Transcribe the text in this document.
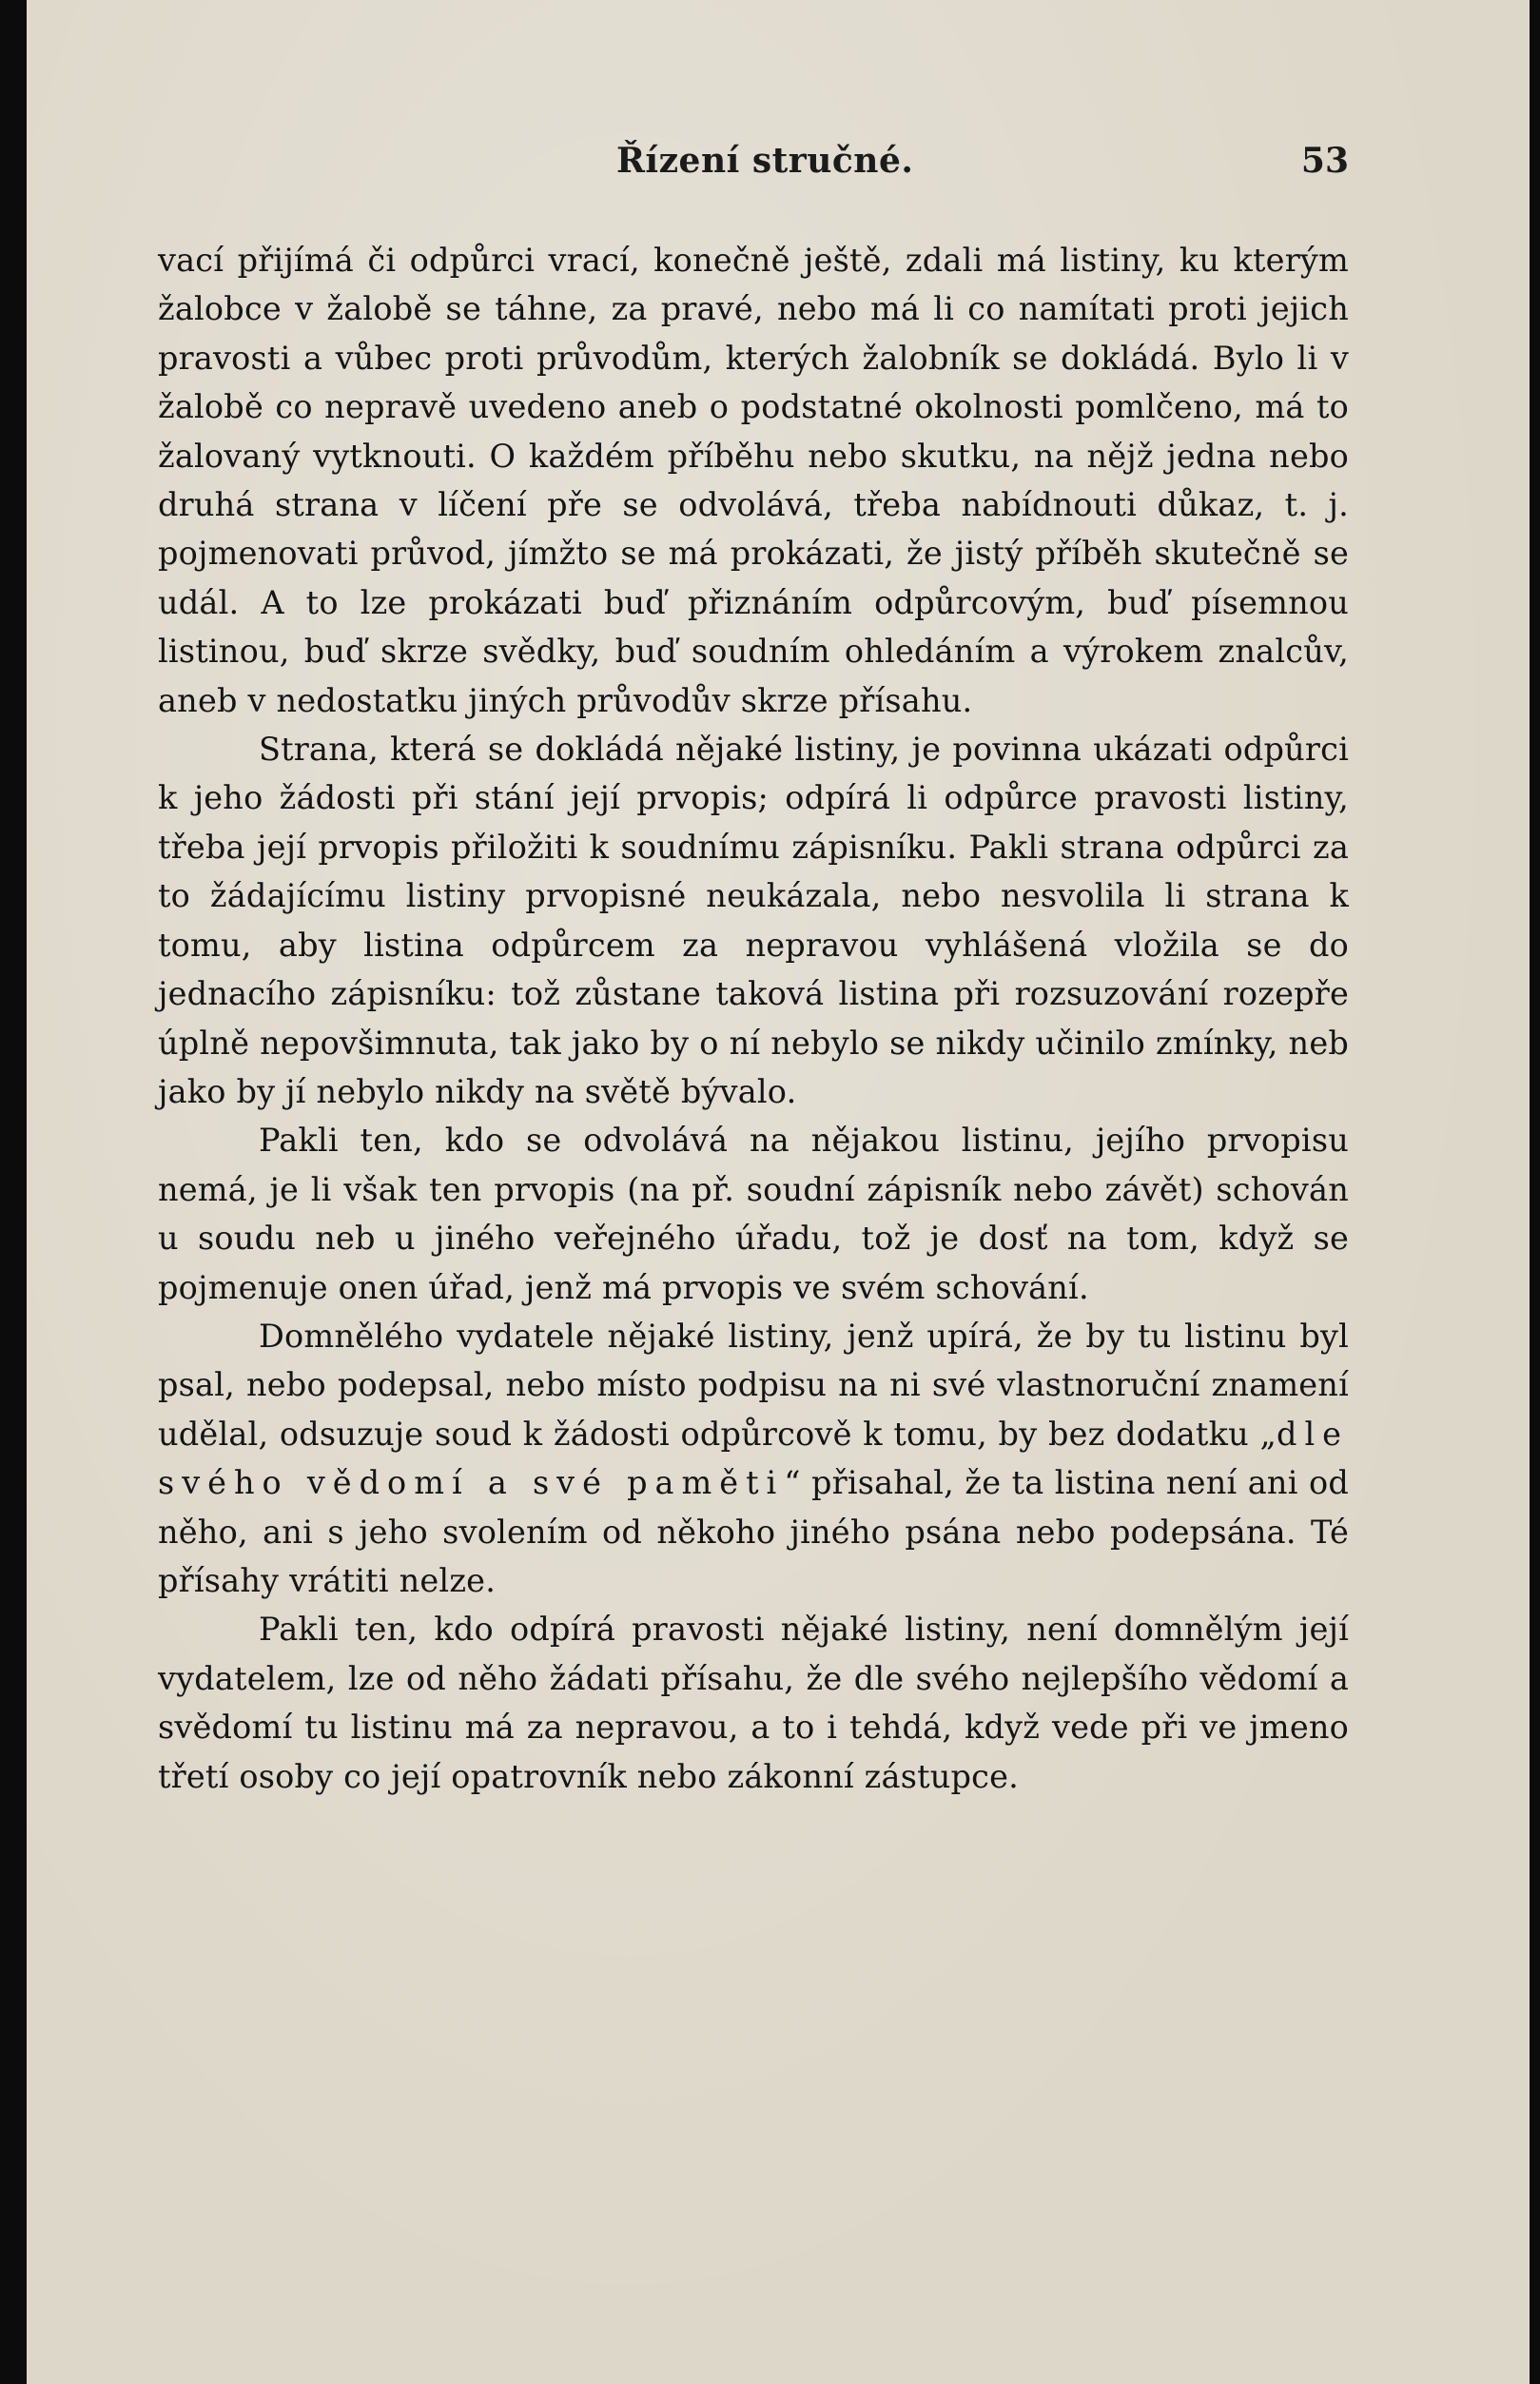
Řízení stručné.	53

vací přijímá či odpůrci vrací, konečně ještě, zdali má listiny, ku kterým žalobce v žalobě se táhne, za pravé, nebo má li co namítati proti jejich pravosti a vůbec proti průvodům, kterých žalobník se dokládá. Bylo li v žalobě co nepravě uvedeno aneb o podstatné okolnosti pomlčeno, má to žalovaný vytknouti. O každém příběhu nebo skutku, na nějž jedna nebo druhá strana v líčení pře se odvolává, třeba nabídnouti důkaz, t. j. pojmenovati průvod, jímžto se má prokázati, že jistý příběh skutečně se udál. A to lze prokázati buď přiznáním odpůrcovým, buď písemnou listinou, buď skrze svědky, buď soudním ohledáním a výrokem znalcův, aneb v nedostatku jiných průvodův skrze přísahu.

Strana, která se dokládá nějaké listiny, je povinna ukázati odpůrci k jeho žádosti při stání její prvopis; odpírá li odpůrce pravosti listiny, třeba její prvopis přiložiti k soudnímu zápisníku. Pakli strana odpůrci za to žádajícímu listiny prvopisné neukázala, nebo nesvolila li strana k tomu, aby listina odpůrcem za nepravou vyhlášená vložila se do jednacího zápisníku: tož zůstane taková listina při rozsuzování rozepře úplně nepovšimnuta, tak jako by o ní nebylo se nikdy učinilo zmínky, neb jako by jí nebylo nikdy na světě bývalo.

Pakli ten, kdo se odvolává na nějakou listinu, jejího prvopisu nemá, je li však ten prvopis (na př. soudní zápisník nebo závět) schován u soudu neb u jiného veřejného úřadu, tož je dosť na tom, když se pojmenuje onen úřad, jenž má prvopis ve svém schování.

Domnělého vydatele nějaké listiny, jenž upírá, že by tu listinu byl psal, nebo podepsal, nebo místo podpisu na ni své vlastnoruční znamení udělal, odsuzuje soud k žádosti odpůrcově k tomu, by bez dodatku „dle svého vědomí a své paměti“ přisahal, že ta listina není ani od něho, ani s jeho svolením od někoho jiného psána nebo podepsána. Té přísahy vrátiti nelze.

Pakli ten, kdo odpírá pravosti nějaké listiny, není domnělým její vydatelem, lze od něho žádati přísahu, že dle svého nejlepšího vědomí a svědomí tu listinu má za nepravou, a to i tehdá, když vede při ve jmeno třetí osoby co její opatrovník nebo zákonní zástupce.
